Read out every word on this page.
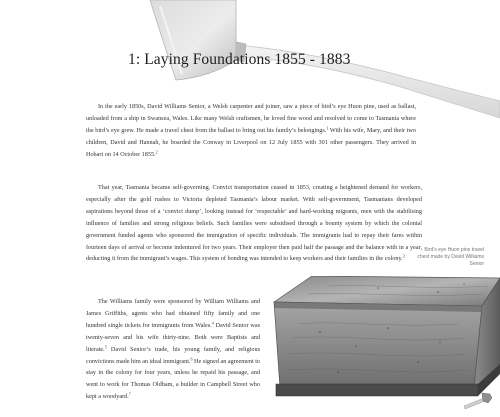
1: Laying Foundations 1855 - 1883

In the early 1850s, David Williams Senior, a Welsh carpenter and joiner, saw a piece of bird’s eye Huon pine, used as ballast, unloaded from a ship in Swansea, Wales. Like many Welsh craftsmen, he loved fine wood and resolved to come to Tasmania where the bird’s eye grew. He made a travel chest from the ballast to bring out his family’s belongings.$^1$ With his wife, Mary, and their two children, David and Hannah, he boarded the Conway in Liverpool on 12 July 1855 with 301 other passengers. They arrived in Hobart on 14 October 1855.$^2$

That year, Tasmania became self-governing. Convict transportation ceased in 1853, creating a heightened demand for workers, especially after the gold rushes to Victoria depleted Tasmania’s labour market. With self-government, Tasmanians developed aspirations beyond those of a ‘convict dump’, looking instead for ‘respectable’ and hard-working migrants, men with the stabilising influence of families and strong religious beliefs. Such families were subsidised through a bounty system by which the colonial government funded agents who sponsored the immigration of specific individuals. The immigrants had to repay their fares within fourteen days of arrival or become indentured for two years. Their employer then paid half the passage and the balance with in a year, deducting it from the immigrant’s wages. This system of bonding was intended to keep workers and their families in the colony.$^3$

The Williams family were sponsored by William Williams and James Griffiths, agents who had obtained fifty family and one hundred single tickets for immigrants from Wales.$^4$ David Senior was twenty-seven and his wife thirty-nine. Both were Baptists and literate.$^5$ David Senior’s trade, his young family, and religious convictions made him an ideal immigrant.$^6$ He signed an agreement to stay in the colony for four years, unless he repaid his passage, and went to work for Thomas Oldham, a builder in Campbell Street who kept a woodyard.$^7$

Bird’s eye Huon pine travel chest made by David Williams Senior
